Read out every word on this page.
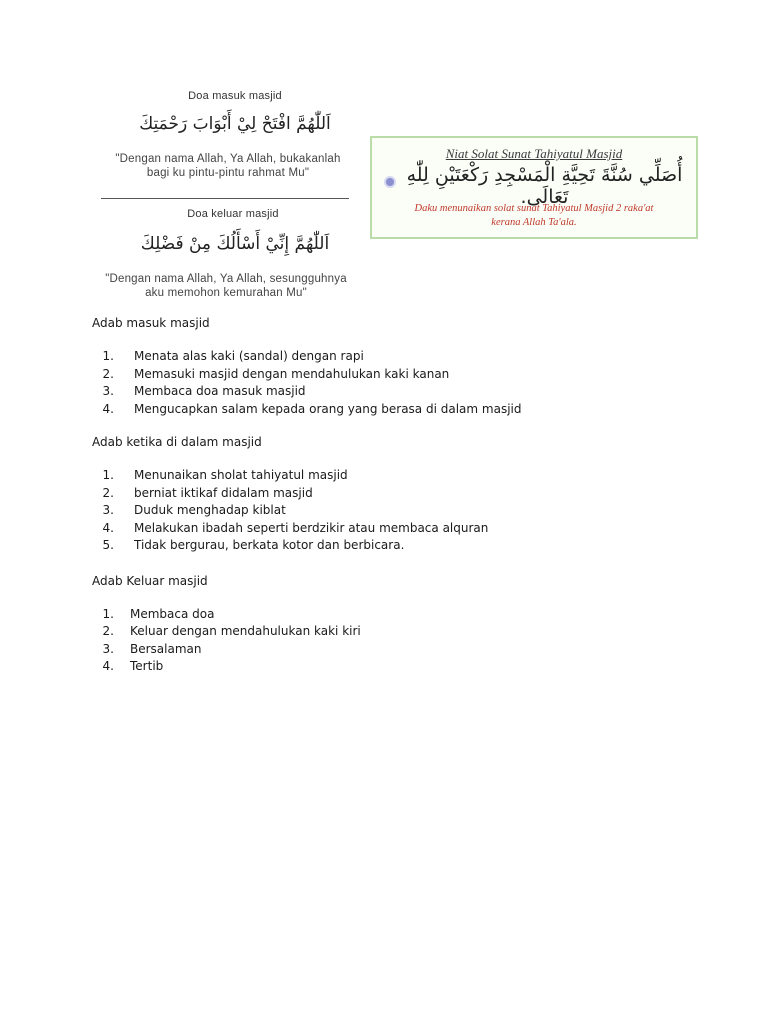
Doa masuk masjid
اَللّٰهُمَّ افْتَحْ لِيْ أَبْوَابَ رَحْمَتِكَ
"Dengan nama Allah, Ya Allah, bukakanlah
bagi ku pintu-pintu rahmat Mu"
Doa keluar masjid
اَللّٰهُمَّ إِنِّيْ أَسْأَلُكَ مِنْ فَضْلِكَ
"Dengan nama Allah, Ya Allah, sesungguhnya
aku memohon kemurahan Mu"
Niat Solat Sunat Tahiyatul Masjid
أُصَلِّي سُنَّةَ تَحِيَّةِ الْمَسْجِدِ رَكْعَتَيْنِ لِلّٰهِ تَعَالَى.
Daku menunaikan solat sunat Tahiyatul Masjid 2 raka'at
kerana Allah Ta'ala.
Adab masuk masjid
1. Menata alas kaki (sandal) dengan rapi
2. Memasuki masjid dengan mendahulukan kaki kanan
3. Membaca doa masuk masjid
4. Mengucapkan salam kepada orang yang berasa di dalam masjid
Adab ketika di dalam masjid
1. Menunaikan sholat tahiyatul masjid
2. berniat iktikaf didalam masjid
3. Duduk menghadap kiblat
4. Melakukan ibadah seperti berdzikir atau membaca alquran
5. Tidak bergurau, berkata kotor dan berbicara.
Adab Keluar masjid
1. Membaca doa
2. Keluar dengan mendahulukan kaki kiri
3. Bersalaman
4. Tertib
